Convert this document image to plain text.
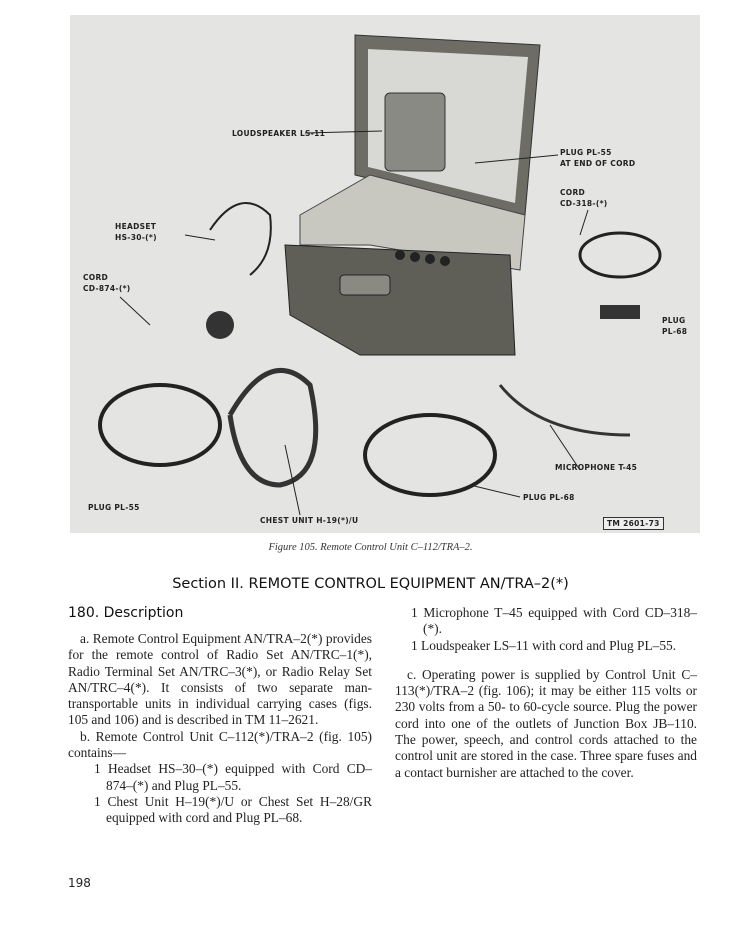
LOUDSPEAKER LS-11
PLUG PL-55
AT END OF CORD
CORD
CD-318-(*)
HEADSET
HS-30-(*)
CORD
CD-874-(*)
PLUG
PL-68
MICROPHONE T-45
PLUG PL-68
PLUG PL-55
CHEST UNIT H-19(*)/U	TM 2601-73
Figure 105. Remote Control Unit C–112/TRA–2.
Section II. REMOTE CONTROL EQUIPMENT AN/TRA–2(*)
180. Description

a. Remote Control Equipment AN/TRA–2(*) provides for the remote control of Radio Set AN/TRC–1(*), Radio Terminal Set AN/TRC–3(*), or Radio Relay Set AN/TRC–4(*). It consists of two separate man-transportable units in individual carrying cases (figs. 105 and 106) and is described in TM 11–2621.

b. Remote Control Unit C–112(*)/TRA–2 (fig. 105) contains—

1 Headset HS–30–(*) equipped with Cord CD–874–(*) and Plug PL–55.

1 Chest Unit H–19(*)/U or Chest Set H–28/GR equipped with cord and Plug PL–68.

1 Microphone T–45 equipped with Cord CD–318–(*).

1 Loudspeaker LS–11 with cord and Plug PL–55.

c. Operating power is supplied by Control Unit C–113(*)/TRA–2 (fig. 106); it may be either 115 volts or 230 volts from a 50- to 60-cycle source. Plug the power cord into one of the outlets of Junction Box JB–110. The power, speech, and control cords attached to the control unit are stored in the case. Three spare fuses and a contact burnisher are attached to the cover.

198
